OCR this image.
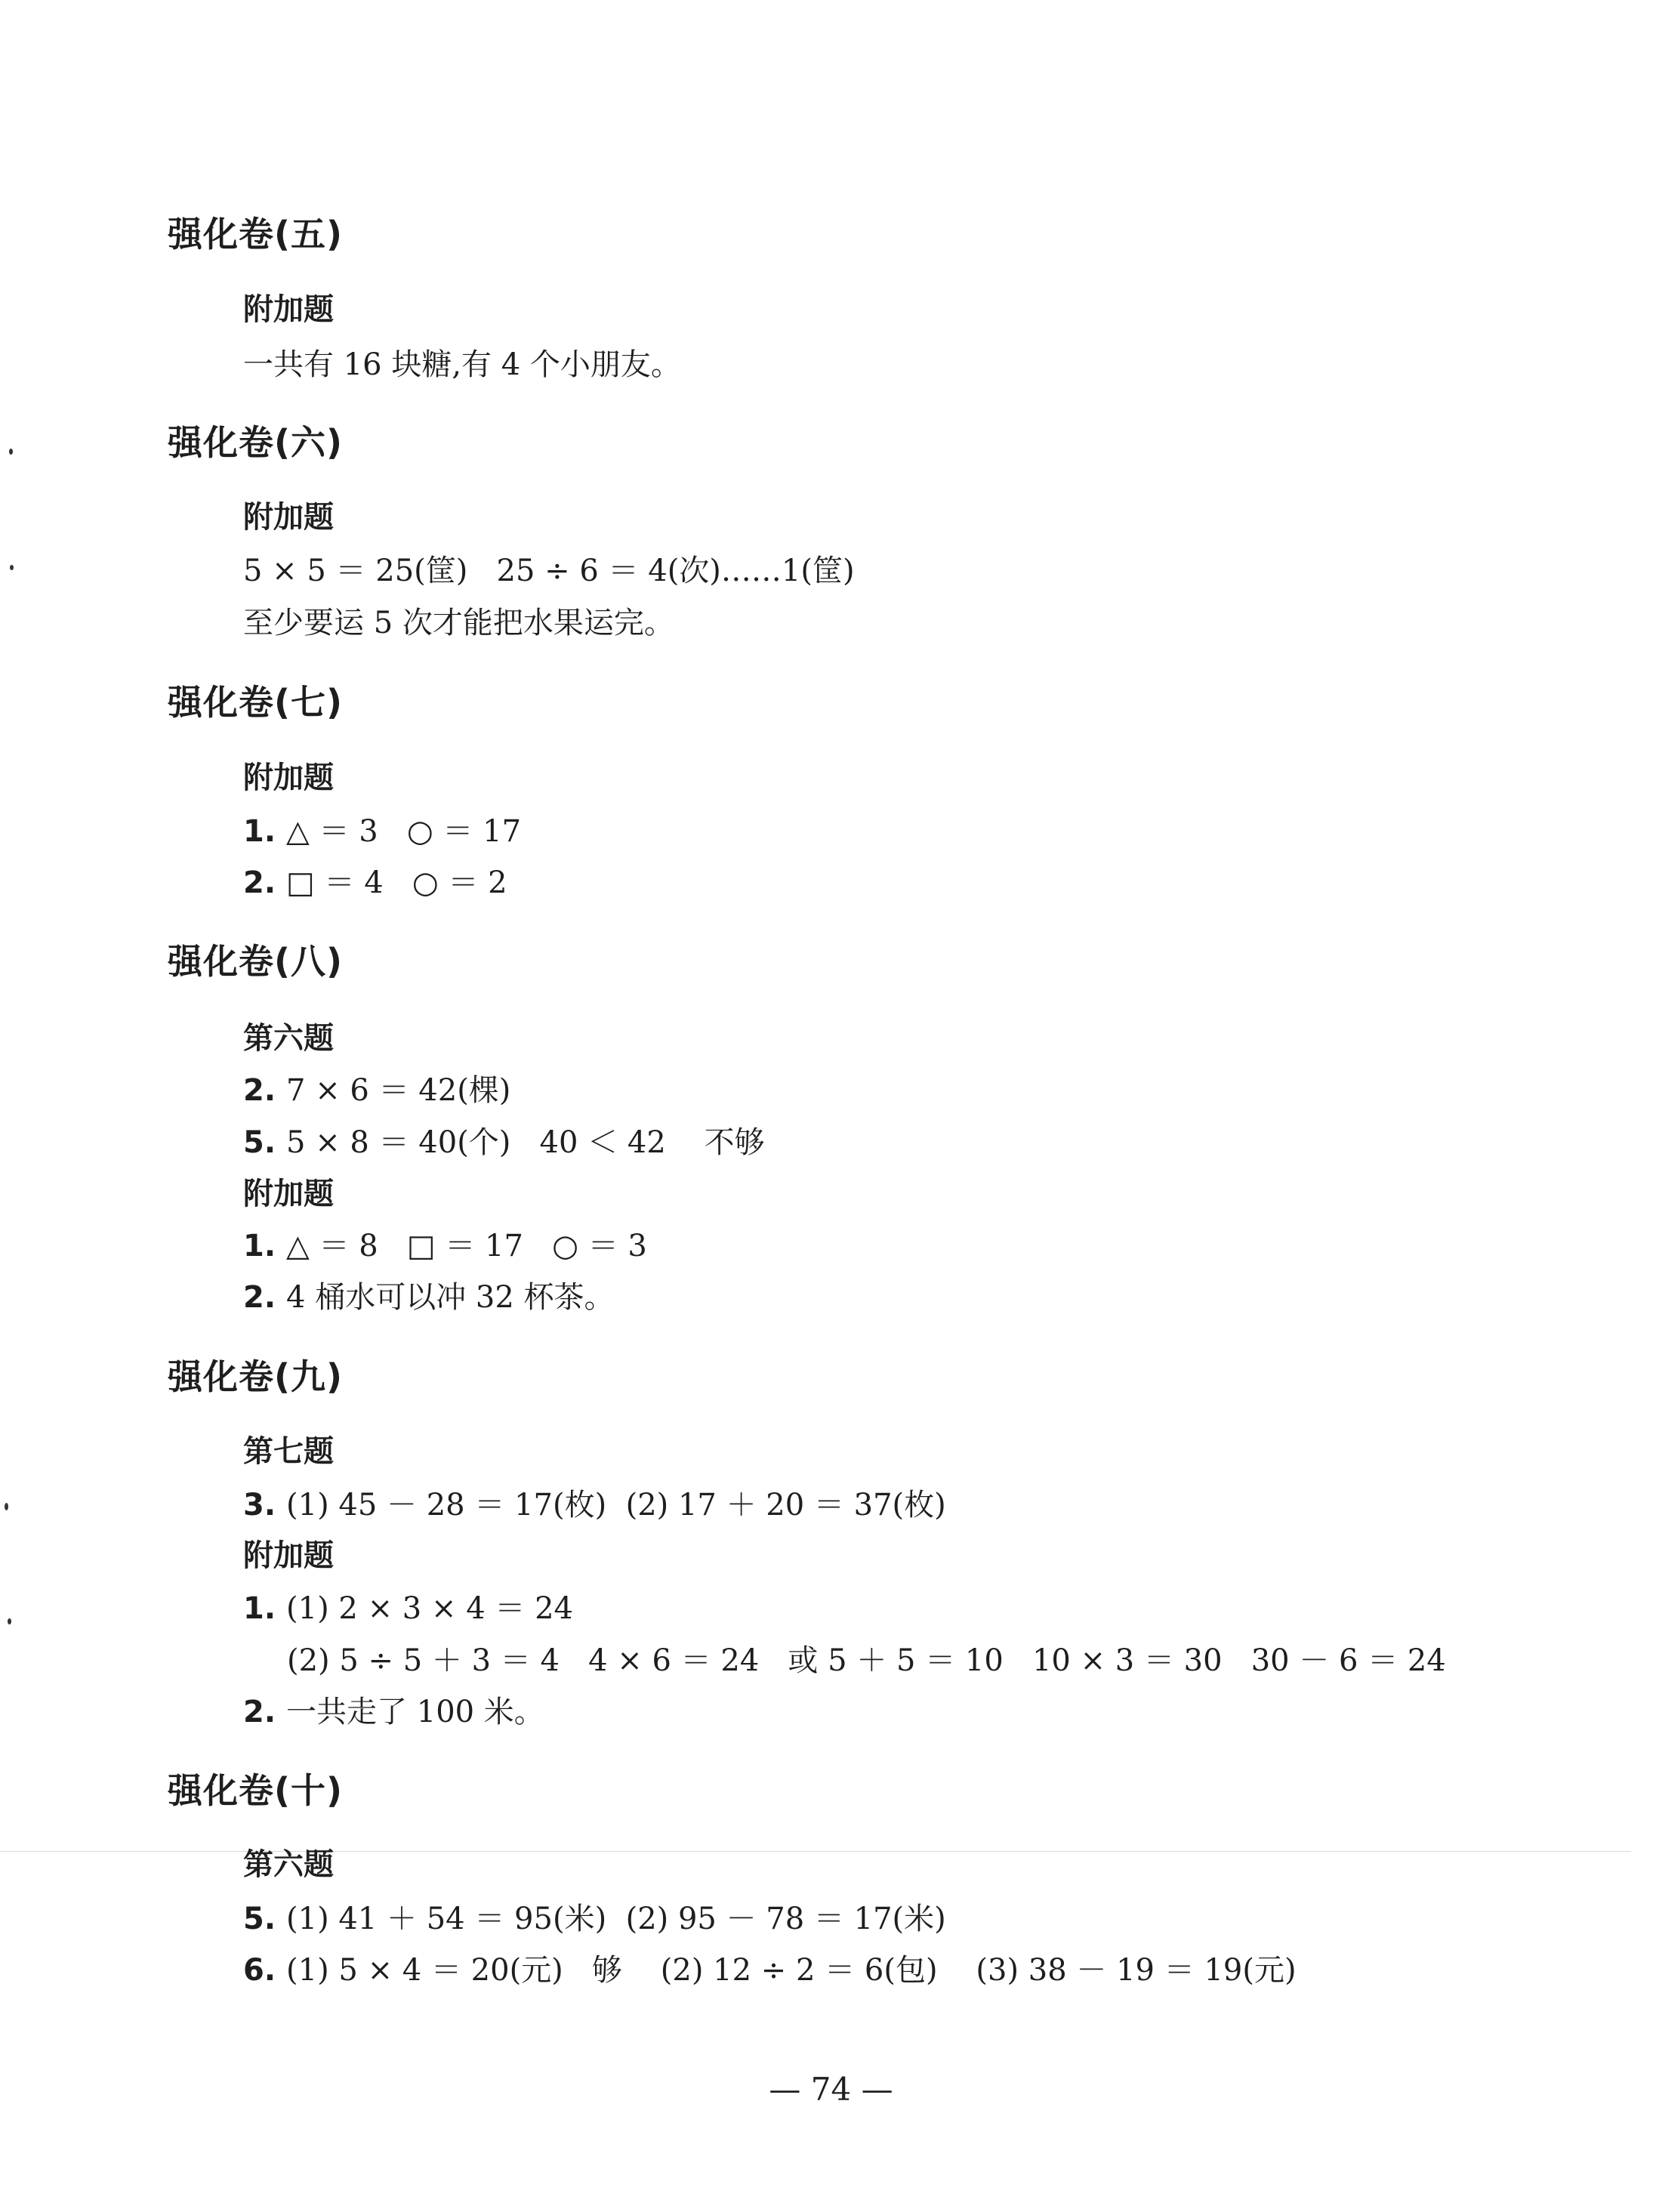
强化卷(五)
附加题
一共有 16 块糖,有 4 个小朋友。
强化卷(六)
附加题
5 × 5 ＝ 25(筐)   25 ÷ 6 ＝ 4(次)……1(筐)
至少要运 5 次才能把水果运完。
强化卷(七)
附加题
1. △ ＝ 3   ○ ＝ 17
2. □ ＝ 4   ○ ＝ 2
强化卷(八)
第六题
2. 7 × 6 ＝ 42(棵)
5. 5 × 8 ＝ 40(个)   40 ＜ 42    不够
附加题
1. △ ＝ 8   □ ＝ 17   ○ ＝ 3
2. 4 桶水可以冲 32 杯茶。
强化卷(九)
第七题
3. (1) 45 － 28 ＝ 17(枚)  (2) 17 ＋ 20 ＝ 37(枚)
附加题
1. (1) 2 × 3 × 4 ＝ 24
(2) 5 ÷ 5 ＋ 3 ＝ 4   4 × 6 ＝ 24   或 5 ＋ 5 ＝ 10   10 × 3 ＝ 30   30 － 6 ＝ 24
2. 一共走了 100 米。
强化卷(十)
第六题
5. (1) 41 ＋ 54 ＝ 95(米)  (2) 95 － 78 ＝ 17(米)
6. (1) 5 × 4 ＝ 20(元)   够    (2) 12 ÷ 2 ＝ 6(包)    (3) 38 － 19 ＝ 19(元)
— 74 —
